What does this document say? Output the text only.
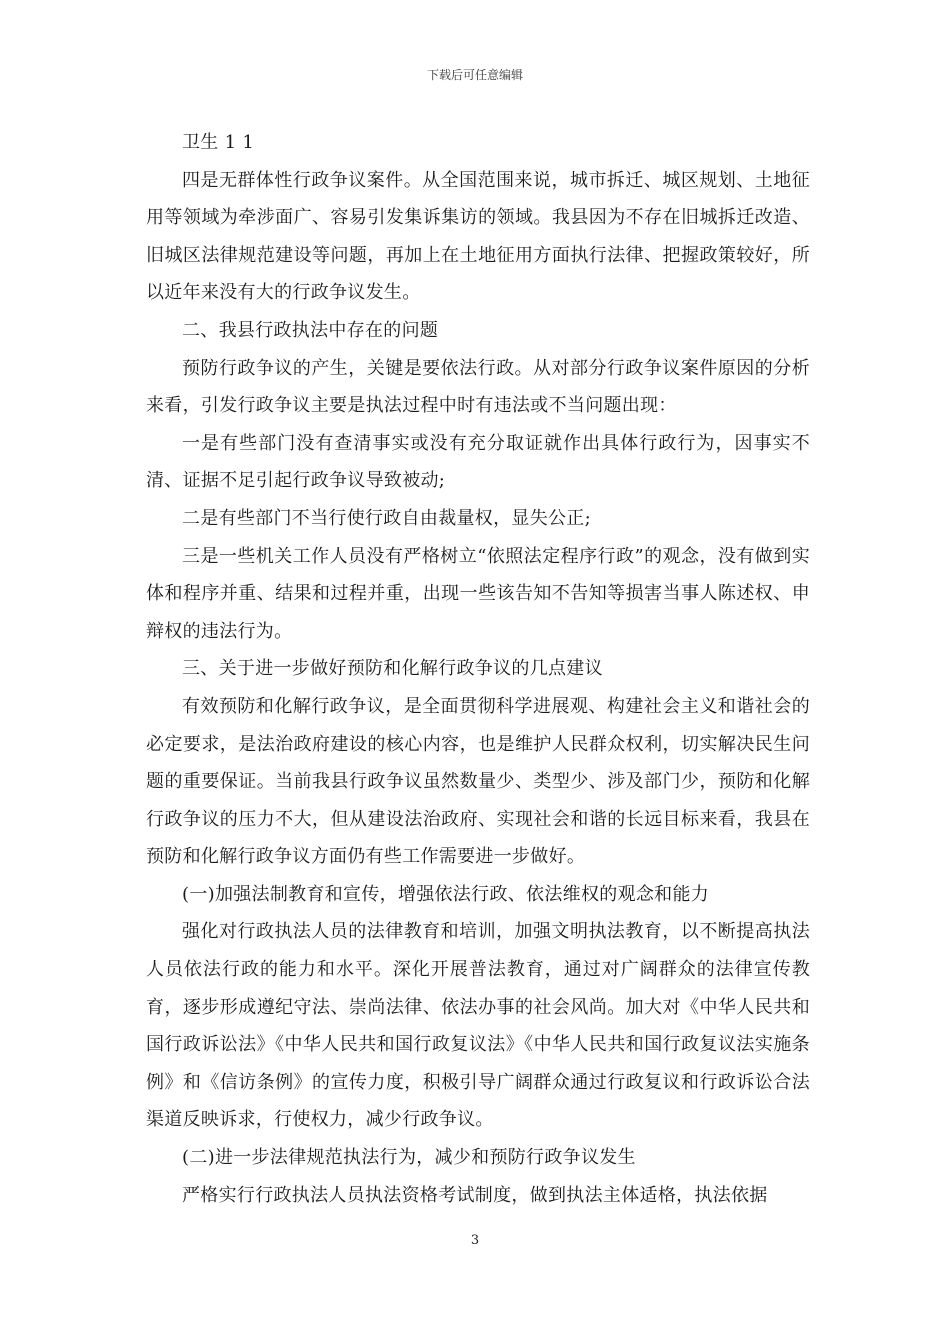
下载后可任意编辑

卫生 1 1

四是无群体性行政争议案件。从全国范围来说，城市拆迁、城区规划、土地征用等领域为牵涉面广、容易引发集诉集访的领域。我县因为不存在旧城拆迁改造、旧城区法律规范建设等问题，再加上在土地征用方面执行法律、把握政策较好，所以近年来没有大的行政争议发生。

二、我县行政执法中存在的问题

预防行政争议的产生，关键是要依法行政。从对部分行政争议案件原因的分析来看，引发行政争议主要是执法过程中时有违法或不当问题出现：

一是有些部门没有查清事实或没有充分取证就作出具体行政行为，因事实不清、证据不足引起行政争议导致被动;

二是有些部门不当行使行政自由裁量权，显失公正;

三是一些机关工作人员没有严格树立“依照法定程序行政”的观念，没有做到实体和程序并重、结果和过程并重，出现一些该告知不告知等损害当事人陈述权、申辩权的违法行为。

三、关于进一步做好预防和化解行政争议的几点建议

有效预防和化解行政争议，是全面贯彻科学进展观、构建社会主义和谐社会的必定要求，是法治政府建设的核心内容，也是维护人民群众权利，切实解决民生问题的重要保证。当前我县行政争议虽然数量少、类型少、涉及部门少，预防和化解行政争议的压力不大，但从建设法治政府、实现社会和谐的长远目标来看，我县在预防和化解行政争议方面仍有些工作需要进一步做好。

(一)加强法制教育和宣传，增强依法行政、依法维权的观念和能力

强化对行政执法人员的法律教育和培训，加强文明执法教育，以不断提高执法人员依法行政的能力和水平。深化开展普法教育，通过对广阔群众的法律宣传教育，逐步形成遵纪守法、崇尚法律、依法办事的社会风尚。加大对《中华人民共和国行政诉讼法》《中华人民共和国行政复议法》《中华人民共和国行政复议法实施条例》和《信访条例》的宣传力度，积极引导广阔群众通过行政复议和行政诉讼合法渠道反映诉求，行使权力，减少行政争议。

(二)进一步法律规范执法行为，减少和预防行政争议发生

严格实行行政执法人员执法资格考试制度，做到执法主体适格，执法依据

3
